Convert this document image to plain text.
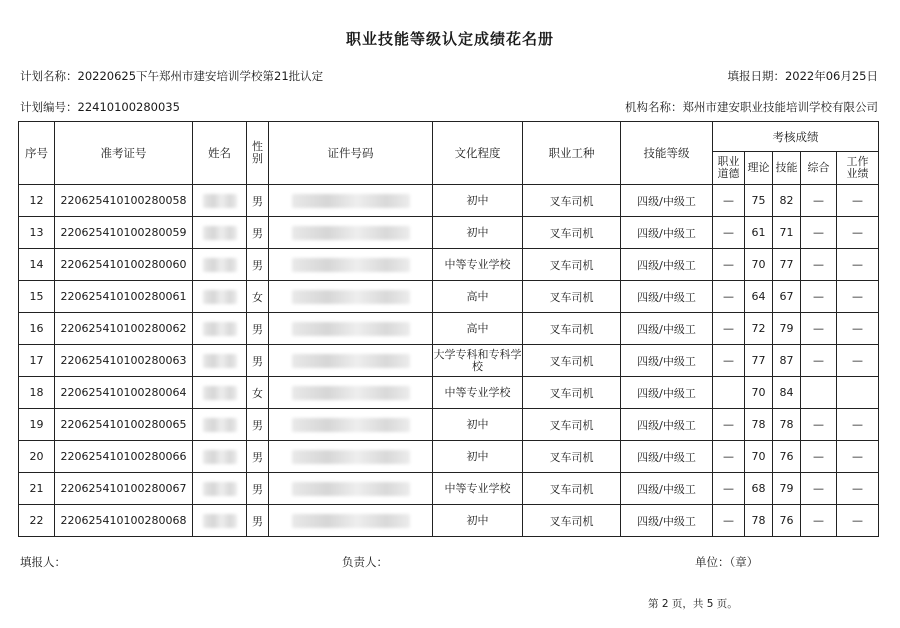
职业技能等级认定成绩花名册
计划名称：20220625下午郑州市建安培训学校第21批认定	填报日期：2022年06月25日
计划编号：22410100280035	机构名称：郑州市建安职业技能培训学校有限公司
序号	准考证号	姓名	性别	证件号码	文化程度	职业工种	技能等级	考核成绩				
								职业道德	理论	技能	综合	工作业绩
12	220625410100280058		男		初中	叉车司机	四级/中级工	—	75	82	—	—
13	220625410100280059		男		初中	叉车司机	四级/中级工	—	61	71	—	—
14	220625410100280060		男		中等专业学校	叉车司机	四级/中级工	—	70	77	—	—
15	220625410100280061		女		高中	叉车司机	四级/中级工	—	64	67	—	—
16	220625410100280062		男		高中	叉车司机	四级/中级工	—	72	79	—	—
17	220625410100280063		男		大学专科和专科学校	叉车司机	四级/中级工	—	77	87	—	—
18	220625410100280064		女		中等专业学校	叉车司机	四级/中级工		70	84		
19	220625410100280065		男		初中	叉车司机	四级/中级工	—	78	78	—	—
20	220625410100280066		男		初中	叉车司机	四级/中级工	—	70	76	—	—
21	220625410100280067		男		中等专业学校	叉车司机	四级/中级工	—	68	79	—	—
22	220625410100280068		男		初中	叉车司机	四级/中级工	—	78	76	—	—
填报人：	负责人：	单位：（章）
第 2 页，共 5 页。
